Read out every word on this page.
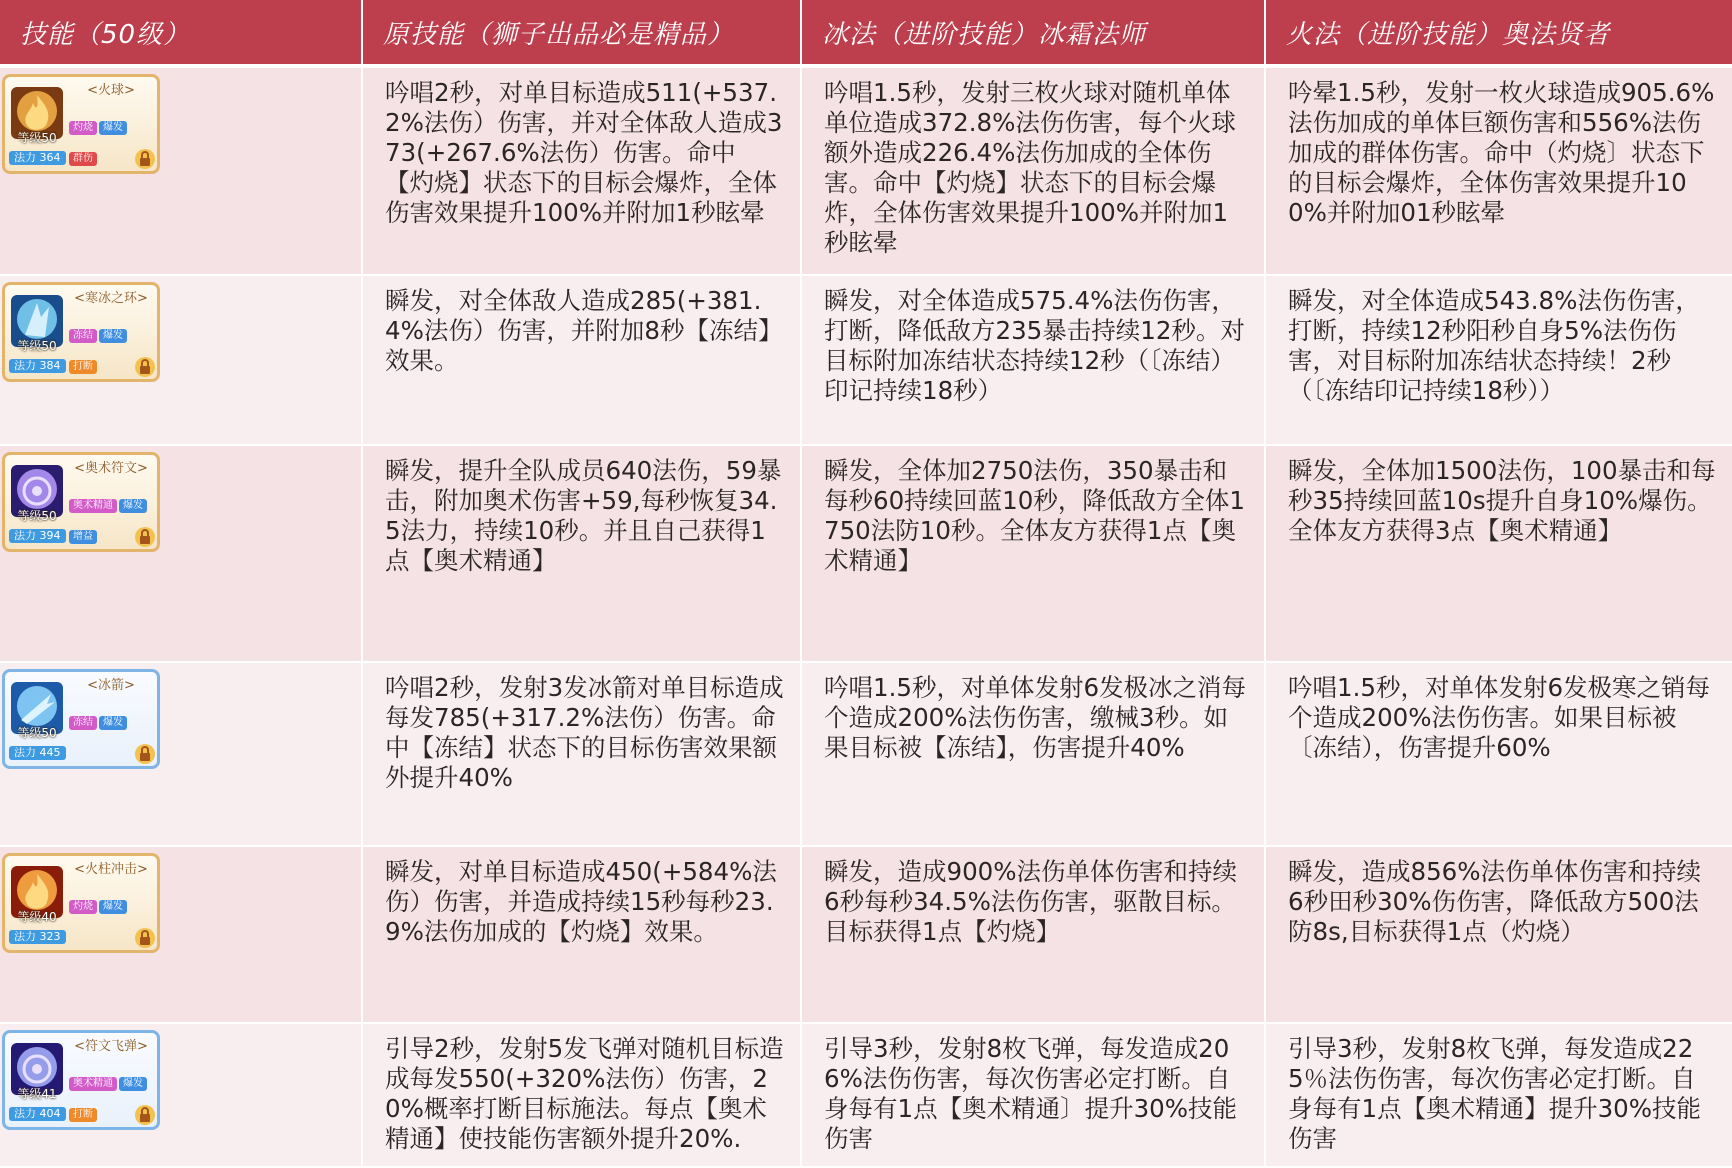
技能（50级）	原技能（狮子出品必是精品）	冰法（进阶技能）冰霜法师	火法（进阶技能）奥法贤者

等级50
<火球>
灼烧 爆发群伤
法力 364	吟唱2秒，对单目标造成511(+537.2%法伤）伤害，并对全体敌人造成373(+267.6%法伤）伤害。命中【灼烧】状态下的目标会爆炸，全体伤害效果提升100%并附加1秒眩晕	吟唱1.5秒，发射三枚火球对随机单体单位造成372.8%法伤伤害，每个火球额外造成226.4%法伤加成的全体伤害。命中【灼烧】状态下的目标会爆炸，全体伤害效果提升100%并附加1秒眩晕	吟晕1.5秒，发射一枚火球造成905.6%法伤加成的单体巨额伤害和556%法伤加成的群体伤害。命中（灼烧〕状态下的目标会爆炸，全体伤害效果提升100%并附加01秒眩晕

等级50
<寒冰之环>
冻结 爆发打断
法力 384	瞬发，对全体敌人造成285(+381.4%法伤）伤害，并附加8秒【冻结】效果。	瞬发，对全体造成575.4%法伤伤害，打断，降低敌方235暴击持续12秒。对目标附加冻结状态持续12秒（〔冻结）印记持续18秒）	瞬发，对全体造成543.8%法伤伤害，打断，持续12秒阳秒自身5%法伤伤害，对目标附加冻结状态持续！2秒（〔冻结印记持续18秒））

等级50
<奥术符文>
奥术精通 爆发增益
法力 394	瞬发，提升全队成员640法伤，59暴击，附加奥术伤害+59,每秒恢复34.5法力，持续10秒。并且自己获得1点【奥术精通】	瞬发，全体加2750法伤，350暴击和每秒60持续回蓝10秒，降低敌方全体1750法防10秒。全体友方获得1点【奥术精通】	瞬发，全体加1500法伤，100暴击和每秒35持续回蓝10s提升自身10%爆伤。全体友方获得3点【奥术精通】

等级50
<冰箭>
冻结 爆发
法力 445	吟唱2秒，发射3发冰箭对单目标造成每发785(+317.2%法伤）伤害。命中【冻结】状态下的目标伤害效果额外提升40%	吟唱1.5秒，对单体发射6发极冰之消每个造成200%法伤伤害，缴械3秒。如果目标被【冻结】，伤害提升40%	吟唱1.5秒，对单体发射6发极寒之销每个造成200%法伤伤害。如果目标被〔冻结），伤害提升60%

等级40
<火柱冲击>
灼烧 爆发
法力 323	瞬发，对单目标造成450(+584%法伤）伤害，并造成持续15秒每秒23.9%法伤加成的【灼烧】效果。	瞬发，造成900%法伤单体伤害和持续6秒每秒34.5%法伤伤害，驱散目标。目标获得1点【灼烧】	瞬发，造成856%法伤单体伤害和持续6秒田秒30%伤伤害，降低敌方500法防8s,目标获得1点（灼烧）

等级41
<符文飞弹>
奥术精通 爆发打断
法力 404	引导2秒，发射5发飞弹对随机目标造成每发550(+320%法伤）伤害，20%概率打断目标施法。每点【奥术精通】使技能伤害额外提升20%.	引导3秒，发射8枚飞弹，每发造成206%法伤伤害，每次伤害必定打断。自身每有1点【奥术精通〕提升30%技能伤害	引导3秒，发射8枚飞弹，每发造成225％法伤伤害，每次伤害必定打断。自身每有1点【奥术精通】提升30%技能伤害
